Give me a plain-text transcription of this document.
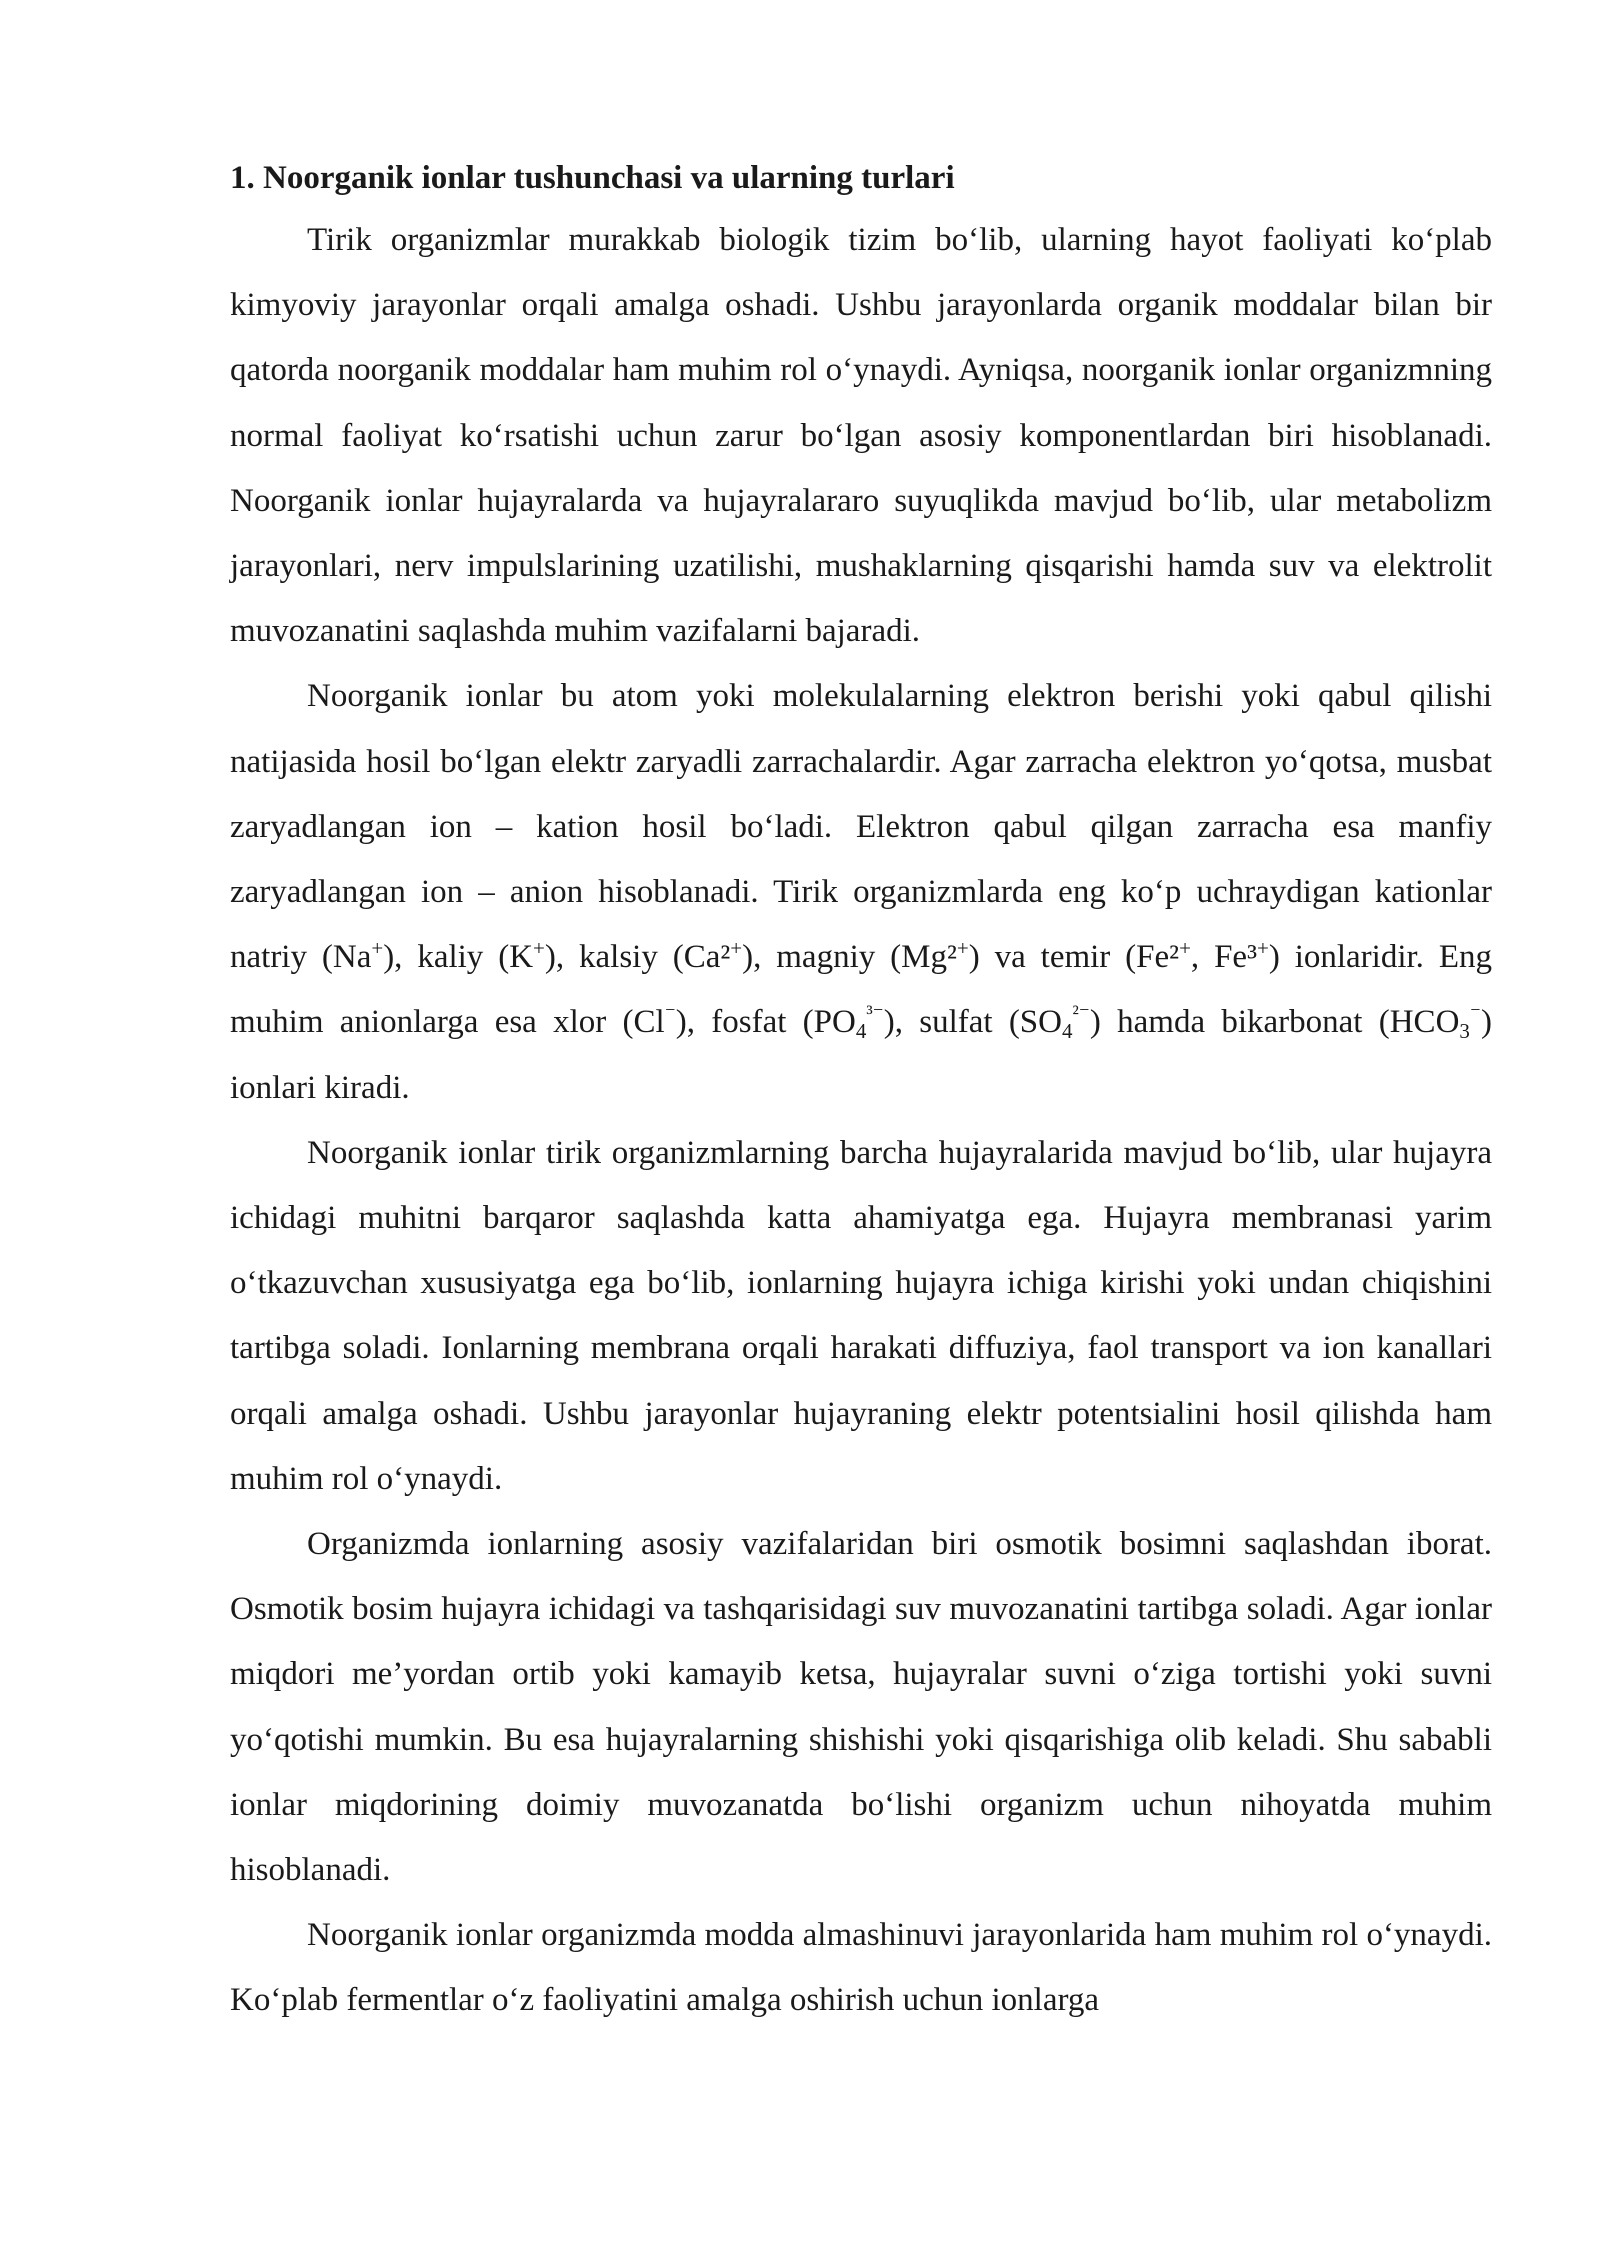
1. Noorganik ionlar tushunchasi va ularning turlari

Tirik organizmlar murakkab biologik tizim bo‘lib, ularning hayot faoliyati ko‘plab kimyoviy jarayonlar orqali amalga oshadi. Ushbu jarayonlarda organik moddalar bilan bir qatorda noorganik moddalar ham muhim rol o‘ynaydi. Ayniqsa, noorganik ionlar organizmning normal faoliyat ko‘rsatishi uchun zarur bo‘lgan asosiy komponentlardan biri hisoblanadi. Noorganik ionlar hujayralarda va hujayralararo suyuqlikda mavjud bo‘lib, ular metabolizm jarayonlari, nerv impulslarining uzatilishi, mushaklarning qisqarishi hamda suv va elektrolit muvozanatini saqlashda muhim vazifalarni bajaradi.

Noorganik ionlar bu atom yoki molekulalarning elektron berishi yoki qabul qilishi natijasida hosil bo‘lgan elektr zaryadli zarrachalardir. Agar zarracha elektron yo‘qotsa, musbat zaryadlangan ion – kation hosil bo‘ladi. Elektron qabul qilgan zarracha esa manfiy zaryadlangan ion – anion hisoblanadi. Tirik organizmlarda eng ko‘p uchraydigan kationlar natriy (Na+), kaliy (K+), kalsiy (Ca²+), magniy (Mg²+) va temir (Fe²+, Fe³+) ionlaridir. Eng muhim anionlarga esa xlor (Cl⁻), fosfat $(PO_4^{^{3-}})$, sulfat $(SO_4^{^{2-}})$ hamda bikarbonat $(HCO_3^{^-})$ ionlari kiradi.

Noorganik ionlar tirik organizmlarning barcha hujayralarida mavjud bo‘lib, ular hujayra ichidagi muhitni barqaror saqlashda katta ahamiyatga ega. Hujayra membranasi yarim o‘tkazuvchan xususiyatga ega bo‘lib, ionlarning hujayra ichiga kirishi yoki undan chiqishini tartibga soladi. Ionlarning membrana orqali harakati diffuziya, faol transport va ion kanallari orqali amalga oshadi. Ushbu jarayonlar hujayraning elektr potentsialini hosil qilishda ham muhim rol o‘ynaydi.

Organizmda ionlarning asosiy vazifalaridan biri osmotik bosimni saqlashdan iborat. Osmotik bosim hujayra ichidagi va tashqarisidagi suv muvozanatini tartibga soladi. Agar ionlar miqdori me’yordan ortib yoki kamayib ketsa, hujayralar suvni o‘ziga tortishi yoki suvni yo‘qotishi mumkin. Bu esa hujayralarning shishishi yoki qisqarishiga olib keladi. Shu sababli ionlar miqdorining doimiy muvozanatda bo‘lishi organizm uchun nihoyatda muhim hisoblanadi.

Noorganik ionlar organizmda modda almashinuvi jarayonlarida ham muhim rol o‘ynaydi. Ko‘plab fermentlar o‘z faoliyatini amalga oshirish uchun ionlarga
